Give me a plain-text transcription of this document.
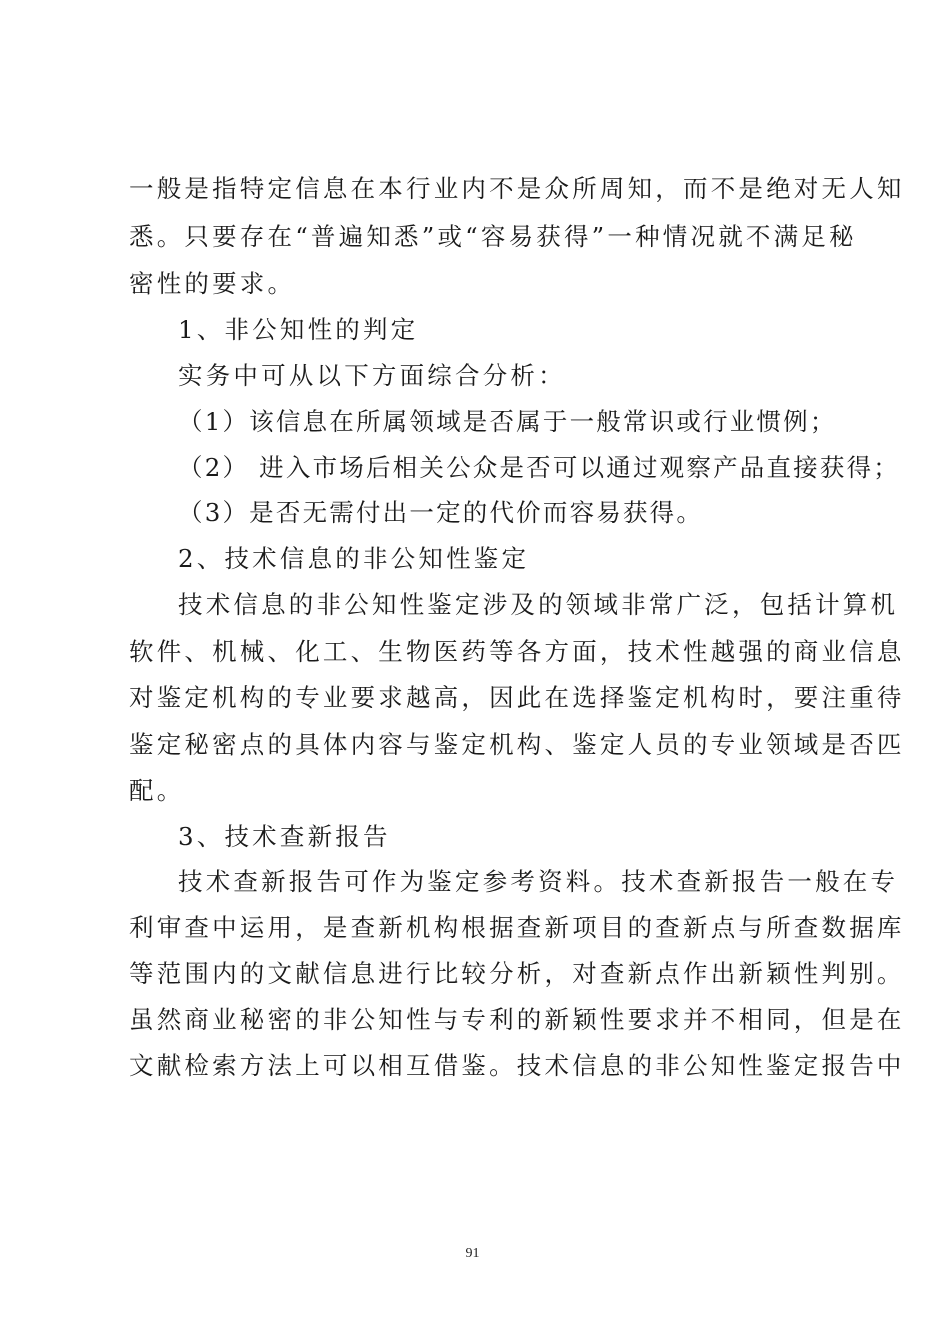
一般是指特定信息在本行业内不是众所周知，而不是绝对无人知
悉。只要存在“普遍知悉”或“容易获得”一种情况就不满足秘
密性的要求。
1、非公知性的判定
实务中可从以下方面综合分析：
（1）该信息在所属领域是否属于一般常识或行业惯例；
（2） 进入市场后相关公众是否可以通过观察产品直接获得；
（3）是否无需付出一定的代价而容易获得。
2、技术信息的非公知性鉴定
技术信息的非公知性鉴定涉及的领域非常广泛，包括计算机
软件、机械、化工、生物医药等各方面，技术性越强的商业信息
对鉴定机构的专业要求越高，因此在选择鉴定机构时，要注重待
鉴定秘密点的具体内容与鉴定机构、鉴定人员的专业领域是否匹
配。
3、技术查新报告
技术查新报告可作为鉴定参考资料。技术查新报告一般在专
利审查中运用，是查新机构根据查新项目的查新点与所查数据库
等范围内的文献信息进行比较分析，对查新点作出新颖性判别。
虽然商业秘密的非公知性与专利的新颖性要求并不相同，但是在
文献检索方法上可以相互借鉴。技术信息的非公知性鉴定报告中
91
